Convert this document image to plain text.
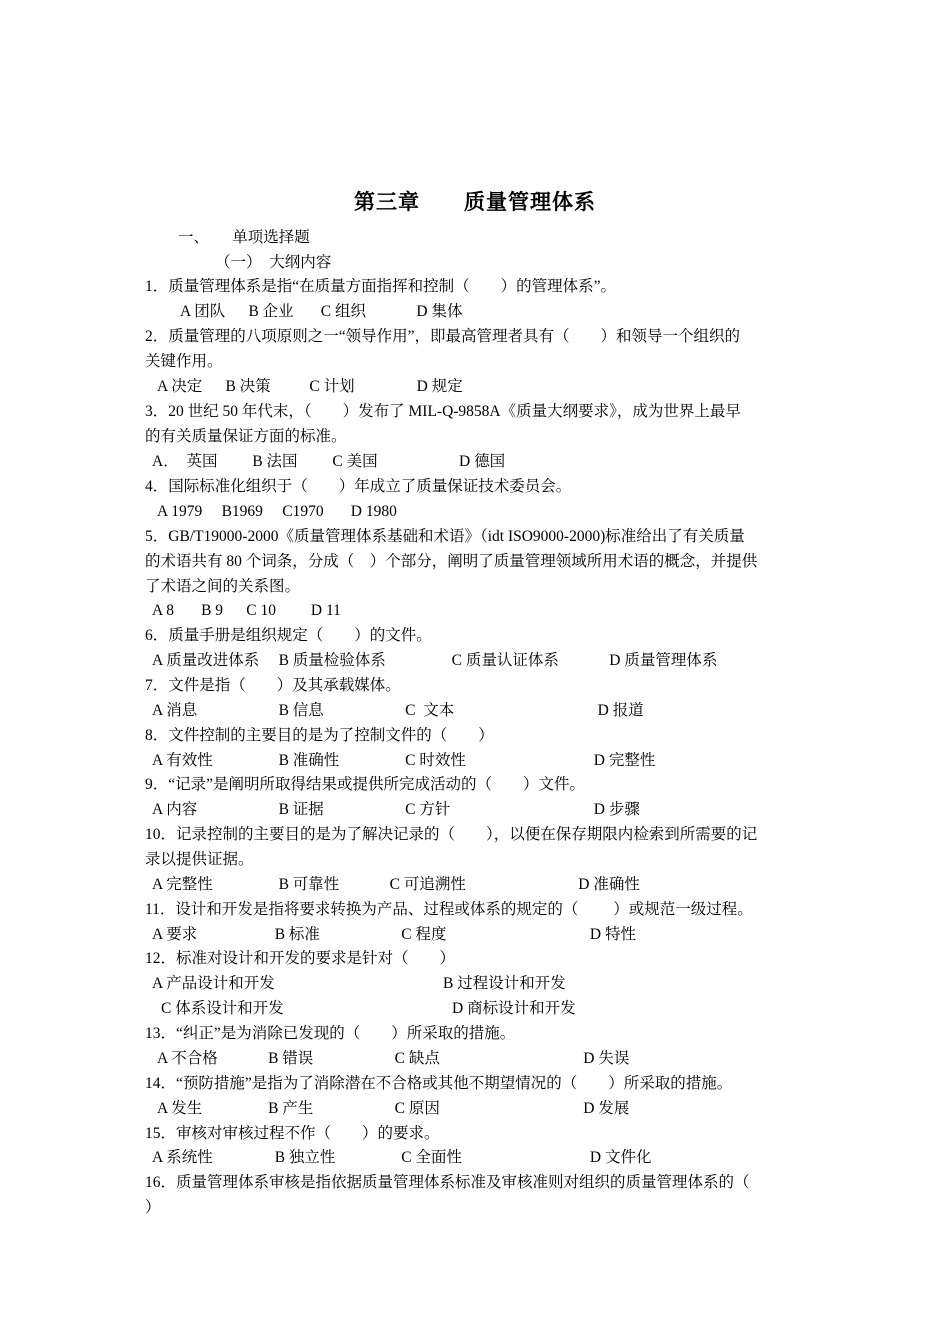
第三章　　质量管理体系
一、　　单项选择题
（一）  大纲内容
1．质量管理体系是指“在质量方面指挥和控制（　　）的管理体系”。
A 团队　  B 企业　   C 组织　　     D 集体
2．质量管理的八项原则之一“领导作用”，即最高管理者具有（　　）和领导一个组织的
关键作用。
A 决定 　 B 决策　　  C 计划　　　    D 规定
3．20 世纪 50 年代末，（　　）发布了 MIL-Q-9858A《质量大纲要求》，成为世界上最早
的有关质量保证方面的标准。
A．　英国　　 B 法国　　 C 美国　　　　　 D 德国
4．国际标准化组织于（　　）年成立了质量保证技术委员会。
A 1979     B1969     C1970       D 1980
5．GB/T19000-2000《质量管理体系基础和术语》（idt ISO9000-2000)标准给出了有关质量
的术语共有 80 个词条，分成（　）个部分，阐明了质量管理领域所用术语的概念，并提供
了术语之间的关系图。
A 8       B 9      C 10         D 11
6．质量手册是组织规定（　　）的文件。
A 质量改进体系　 B 质量检验体系　　　　 C 质量认证体系　　　 D 质量管理体系
7．文件是指（　　）及其承载媒体。
A 消息　　　　　 B 信息　　　　　 C  文本　　　　　　　　　 D 报道
8．文件控制的主要目的是为了控制文件的（　　）
A 有效性　　　　 B 准确性　　　　 C 时效性　　　　　　　　 D 完整性
9．“记录”是阐明所取得结果或提供所完成活动的（　　）文件。
A 内容　　　　　 B 证据　　　　　 C 方针　　　　　　　　　 D 步骤
10．记录控制的主要目的是为了解决记录的（　　），以便在保存期限内检索到所需要的记
录以提供证据。
A 完整性　　　　 B 可靠性　　　 C 可追溯性　　　　　　　 D 准确性
11．设计和开发是指将要求转换为产品、过程或体系的规定的（　　 ）或规范一级过程。
A 要求　　　　　B 标准　　　　　 C 程度　　　　　　　　　 D 特性
12．标准对设计和开发的要求是针对（　　）
A 产品设计和开发	B 过程设计和开发
C 体系设计和开发	D 商标设计和开发
13．“纠正”是为消除已发现的（　　）所采取的措施。
A 不合格　　　 B 错误　　　　　 C 缺点　　　　　　　　　 D 失误
14．“预防措施”是指为了消除潜在不合格或其他不期望情况的（　　）所采取的措施。
A 发生　　　　 B 产生　　　　　 C 原因　　　　　　　　　 D 发展
15．审核对审核过程不作（　　）的要求。
A 系统性　　　　B 独立性　　　　 C 全面性　　　　　　　　 D 文件化
16．质量管理体系审核是指依据质量管理体系标准及审核准则对组织的质量管理体系的（
）
